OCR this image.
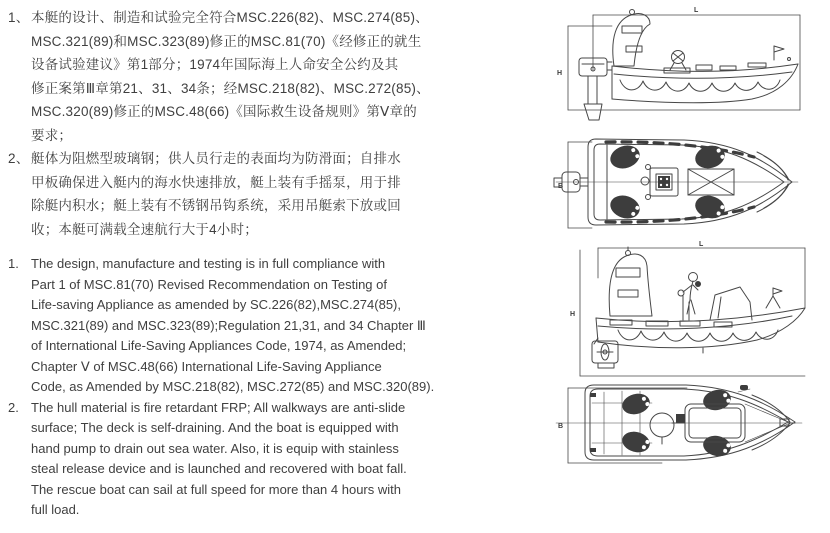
1、 本艇的设计、制造和试验完全符合MSC.226(82)、MSC.274(85)、
MSC.321(89)和MSC.323(89)修正的MSC.81(70)《经修正的就生
设备试验建议》第1部分；1974年国际海上人命安全公约及其
修正案第Ⅲ章第21、31、34条；经MSC.218(82)、MSC.272(85)、
MSC.320(89)修正的MSC.48(66)《国际救生设备规则》第Ⅴ章的
要求；
2、 艇体为阻燃型玻璃钢；供人员行走的表面均为防滑面；自排水
甲板确保进入艇内的海水快速排放，艇上装有手摇泵，用于排
除艇内积水；艇上装有不锈钢吊钩系统，采用吊艇索下放或回
收；本艇可满载全速航行大于4小时；
1. The design, manufacture and testing is in full compliance with
Part 1 of MSC.81(70) Revised Recommendation on Testing of
Life-saving Appliance as amended by SC.226(82),MSC.274(85),
MSC.321(89) and MSC.323(89);Regulation 21,31, and 34 Chapter Ⅲ
of International Life-Saving Appliances Code, 1974, as Amended;
Chapter Ⅴ of MSC.48(66) International Life-Saving Appliance
Code, as Amended by MSC.218(82), MSC.272(85) and MSC.320(89).
2. The hull material is fire retardant FRP; All walkways are anti-slide
surface; The deck is self-draining. And the boat is equipped with
hand pump to drain out sea water. Also, it is equip with stainless
steal release device and is launched and recovered with boat fall.
The rescue boat can sail at full speed for more than 4 hours with
full load.
L
H
B
L
H
B
